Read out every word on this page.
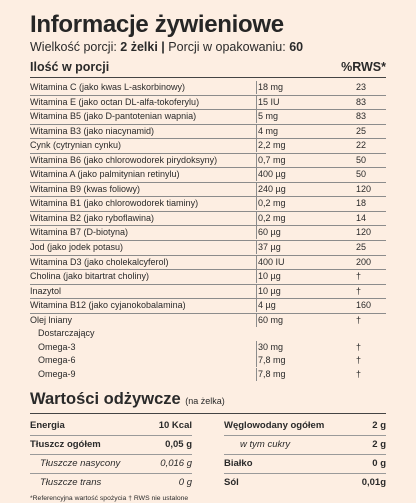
Informacje żywieniowe
Wielkość porcji: 2 żelki | Porcji w opakowaniu: 60
Ilość w porcji	%RWS*
Witamina C (jako kwas L-askorbinowy)	18 mg	23
Witamina E (jako octan DL-alfa-tokoferylu)	15 IU	83
Witamina B5 (jako D-pantotenian wapnia)	5 mg	83
Witamina B3 (jako niacynamid)	4 mg	25
Cynk (cytrynian cynku)	2,2 mg	22
Witamina B6 (jako chlorowodorek pirydoksyny)	0,7 mg	50
Witamina A (jako palmitynian retinylu)	400 µg	50
Witamina B9 (kwas foliowy)	240 µg	120
Witamina B1 (jako chlorowodorek tiaminy)	0,2 mg	18
Witamina B2 (jako ryboflawina)	0,2 mg	14
Witamina B7 (D-biotyna)	60 µg	120
Jod (jako jodek potasu)	37 µg	25
Witamina D3 (jako cholekalcyferol)	400 IU	200
Cholina (jako bitartrat choliny)	10 µg	†
Inazytol	10 µg	†
Witamina B12 (jako cyjanokobalamina)	4 µg	160
Olej lniany	60 mg	†
Dostarczający
Omega-3	30 mg	†
Omega-6	7,8 mg	†
Omega-9	7,8 mg	†
Wartości odżywcze (na żelka)
Energia	10 Kcal
Tłuszcz ogółem	0,05 g
Tłuszcze nasycony	0,016 g
Tłuszcze trans	0 g
Węglowodany ogółem	2 g
w tym cukry	2 g
Białko	0 g
Sól	0,01g
*Referencyjna wartość spożycia † RWS nie ustalone
